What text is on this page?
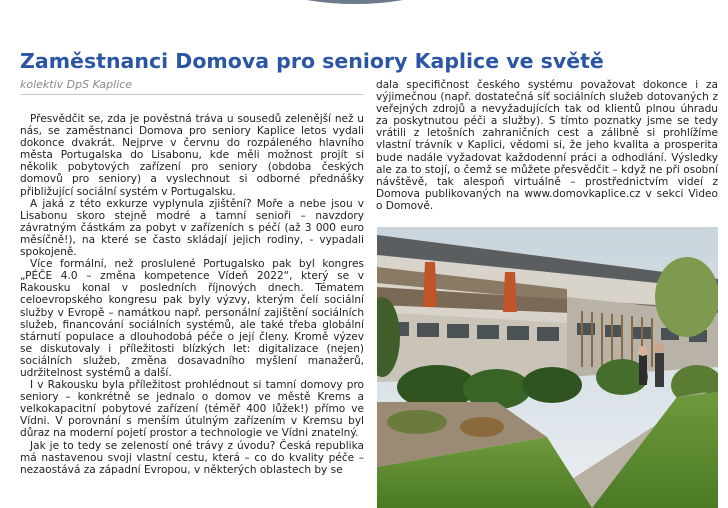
Zaměstnanci Domova pro seniory Kaplice ve světě
kolektiv DpS Kaplice

Přesvědčit se, zda je pověstná tráva u sousedů zelenější než u nás, se zaměstnanci Domova pro seniory Kaplice letos vydali dokonce dvakrát. Nejprve v červnu do rozpáleného hlavního města Portugalska do Lisabonu, kde měli možnost projít si několik pobytových zařízení pro seniory (obdoba českých domovů pro seniory) a vyslechnout si odborné přednášky přibližující sociální systém v Portugalsku.

A jaká z této exkurze vyplynula zjištění? Moře a nebe jsou v Lisabonu skoro stejně modré a tamní senioři – navzdory závratným částkám za pobyt v zařízeních s péčí (až 3 000 euro měsíčně!), na které se často skládají jejich rodiny, - vypadali spokojeně.

Více formální, než proslulené Portugalsko pak byl kongres „PÉČE 4.0 – změna kompetence Vídeň 2022“, který se v Rakousku konal v posledních říjnových dnech. Tématem celoevropského kongresu pak byly výzvy, kterým čelí sociální služby v Evropě – namátkou např. personální zajištění sociálních služeb, financování sociálních systémů, ale také třeba globální stárnutí populace a dlouhodobá péče o její členy. Kromě výzev se diskutovaly i příležitosti blízkých let: digitalizace (nejen) sociálních služeb, změna dosavadního myšlení manažerů, udržitelnost systémů a další.

I v Rakousku byla příležitost prohlédnout si tamní domovy pro seniory – konkrétně se jednalo o domov ve městě Krems a velkokapacitní pobytové zařízení (téměř 400 lůžek!) přímo ve Vídni. V porovnání s menším útulným zařízením v Kremsu byl důraz na moderní pojetí prostor a technologie ve Vídni znatelný.

Jak je to tedy se zeleností oné trávy z úvodu? Česká republika má nastavenou svoji vlastní cestu, která – co do kvality péče – nezaostává za západní Evropou, v některých oblastech by se

dala specifičnost českého systému považovat dokonce i za výjimečnou (např. dostatečná síť sociálních služeb dotovaných z veřejných zdrojů a nevyžadujících tak od klientů plnou úhradu za poskytnutou péči a služby). S tímto poznatky jsme se tedy vrátili z letošních zahraničních cest a zálibně si prohlížíme vlastní trávník v Kaplici, vědomi si, že jeho kvalita a prosperita bude nadále vyžadovat každodenní práci a odhodlání. Výsledky ale za to stojí, o čemž se můžete přesvědčit – když ne při osobní návštěvě, tak alespoň virtuálně – prostřednictvím videí z Domova publikovaných na www.domovkaplice.cz v sekci Video o Domově.
